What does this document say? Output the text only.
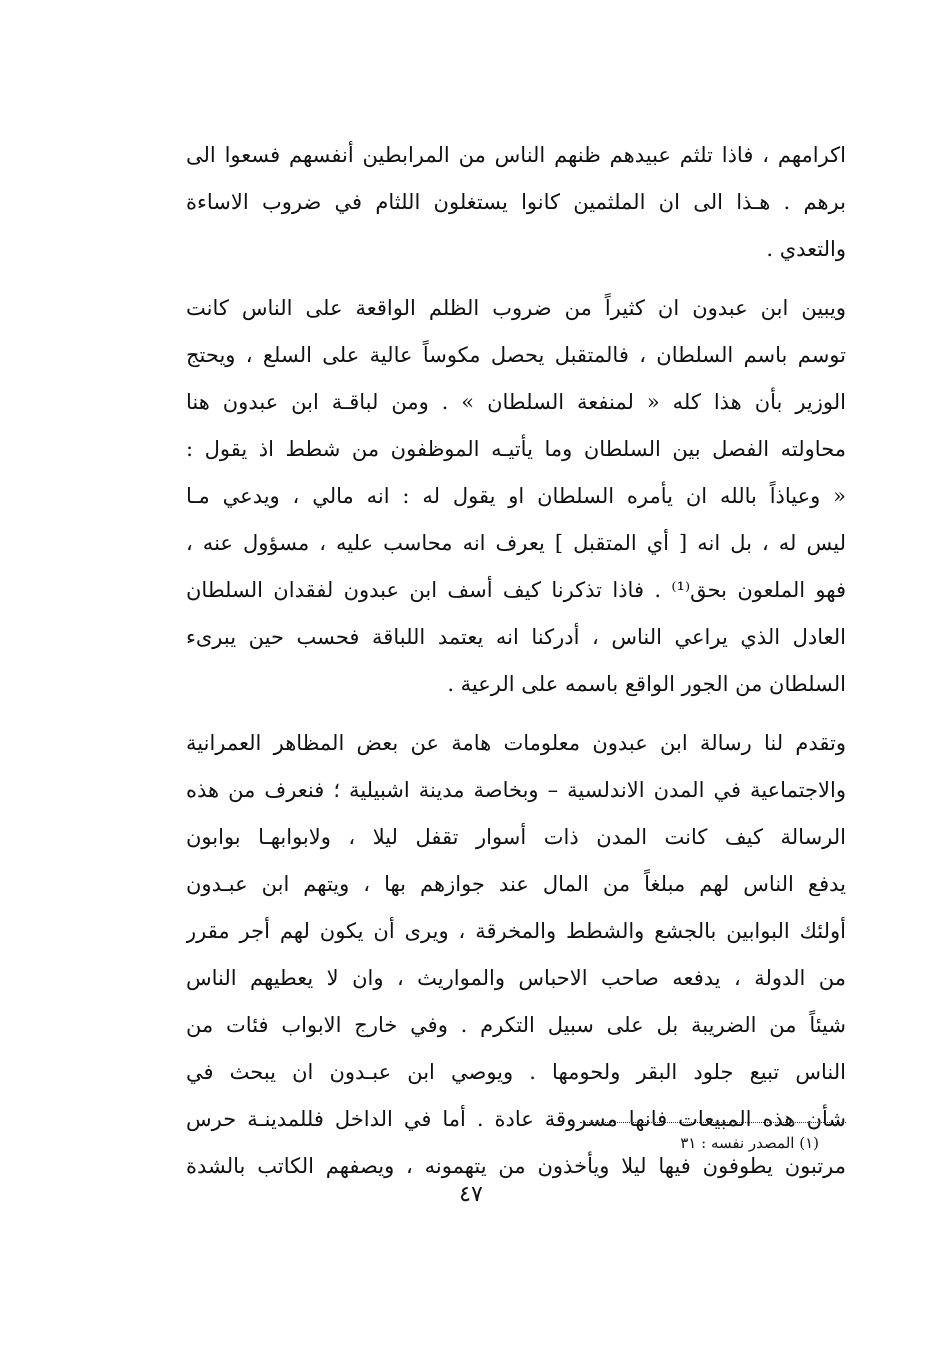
اكرامهم ، فاذا تلثم عبيدهم ظنهم الناس من المرابطين أنفسهم فسعوا الى
برهم . هـذا الى ان الملثمين كانوا يستغلون اللثام في ضروب الاساءة
والتعدي .

ويبين ابن عبدون ان كثيراً من ضروب الظلم الواقعة على الناس كانت
توسم باسم السلطان ، فالمتقبل يحصل مكوساً عالية على السلع ، ويحتج
الوزير بأن هذا كله « لمنفعة السلطان » . ومن لباقـة ابن عبدون هنا
محاولته الفصل بين السلطان وما يأتيـه الموظفون من شطط اذ يقول :
« وعياذاً بالله ان يأمره السلطان او يقول له : انه مالي ، ويدعي مـا
ليس له ، بل انه [ أي المتقبل ] يعرف انه محاسب عليه ، مسؤول عنه ،
فهو الملعون بحق⁽¹⁾ . فاذا تذكرنا كيف أسف ابن عبدون لفقدان السلطان
العادل الذي يراعي الناس ، أدركنا انه يعتمد اللباقة فحسب حين يبرىء
السلطان من الجور الواقع باسمه على الرعية .

وتقدم لنا رسالة ابن عبدون معلومات هامة عن بعض المظاهر العمرانية
والاجتماعية في المدن الاندلسية – وبخاصة مدينة اشبيلية ؛ فنعرف من هذه
الرسالة كيف كانت المدن ذات أسوار تقفل ليلا ، ولابوابهـا بوابون
يدفع الناس لهم مبلغاً من المال عند جوازهم بها ، ويتهم ابن عبـدون
أولئك البوابين بالجشع والشطط والمخرقة ، ويرى أن يكون لهم أجر مقرر
من الدولة ، يدفعه صاحب الاحباس والمواريث ، وان لا يعطيهم الناس
شيئاً من الضريبة بل على سبيل التكرم . وفي خارج الابواب فئات من
الناس تبيع جلود البقر ولحومها . ويوصي ابن عبـدون ان يبحث في
شأن هذه المبيعات فانها مسروقة عادة . أما في الداخل فللمدينـة حرس
مرتبون يطوفون فيها ليلا ويأخذون من يتهمونه ، ويصفهم الكاتب بالشدة

(١) المصدر نفسه : ٣١
٤٧
